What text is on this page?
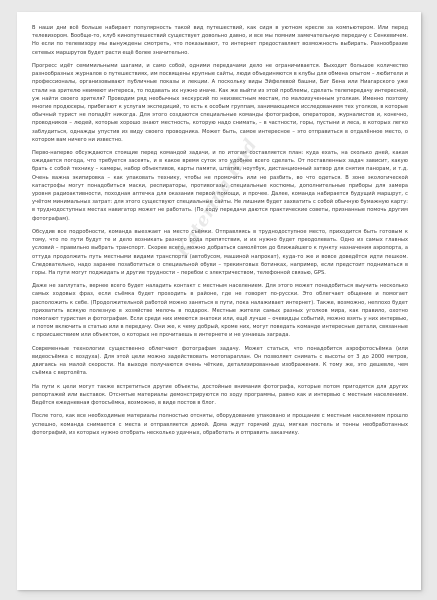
В наши дни всё больше набирает популярность такой вид путешествий, как сидя в уютном кресле за компьютером. Или перед телевизором. Вообще-то, клуб кинопутешествий существует довольно давно, и все мы помним замечательную передачу с Сенкевичем. Но если по телевизору мы вынуждены смотреть, что показывают, то интернет предоставляет возможность выбирать. Разнообразие сетевых маршрутов будет расти ещё более значительно.

Прогресс идёт семимильными шагами, и само собой, одними передачами дело не ограничивается. Выходит большое количество разнообразных журналов о путешествиях, им посвящены крупные сайты, люди объединяются в клубы для обмена опытом – любители и профессионалы, организовывают публичные показы и лекции. А поскольку виды Эйфелевой башни, Биг Бена или Ниагарского уже стали на зрителю неимеют интереса, то подавать их нужно иначе. Как же выйти из этой проблемы, сделать телепередачу интересной, уж найти своего зрителя? Проводим ряд необычных экскурсий по неизвестным местам, по малоизученным уголкам. Именно поэтому многие продюсеры, прибегают к услугам экспедиций, то есть к особым группам, занимающимся исследованием тех уголков, в которые обычный турист не попадёт никогда. Для этого создаются специальные команды фотографов, операторов, журналистов и, конечно, проводников – людей, которые хорошо знают местность, которую надо снимать, – в частности, горы, пустыни и леса, в которых легко заблудиться, однажды упустив из виду своего проводника. Может быть, самое интересное – это отправиться в отдалённое место, о котором вам ничего ни известно.

Перво-наперво обсуждаются стоящие перед командой задачи, и по итогам составляется план: куда ехать, на сколько дней, какая ожидается погода, что требуется засеять, и в какое время суток это удобнее всего сделать. От поставленных задач зависит, какую брать с собой технику – камеры, набор объективов, карты памяти, штатив, ноутбук, дистанционный затвор для снятия панорам, и т.д. Очень важна экипировка – как упаковать технику, чтобы не промочить или не разбить, во что одеться. В зоне экологической катастрофы могут понадобиться маски, респираторы, противогазы, специальные костюмы, дополнительные приборы для замера уровня радиоактивности, походная аптечка для оказания первой помощи, и прочее. Далее, команда набирается будущий маршрут, с учётом минимальных затрат: для этого существуют специальные сайты. Не лишним будет захватить с собой обычную бумажную карту: в труднодоступных местах навигатор может не работать. (По ходу передачи даются практические советы, признанные помочь другим фотографам).

Обсудив все подробности, команда выезжает на место съёмки. Отправляясь в труднодоступное место, приходится быть готовым к тому, что по пути будут те и дело возникать разного рода препятствия, и их нужно будет преодолевать. Одно из самых главных условий – правильно выбрать транспорт. Скорее всего, можно добраться самолётом до ближайшего к пункту назначения аэропорта, а оттуда продолжить путь местными видами транспорта (автобусом, машиной напрокат), куда-то же и вовсе доведётся идти пешком. Следовательно, надо заранее позаботиться о специальной обуви – трекинговых ботинках, например, если предстоит подниматься в горы. На пути могут поджидать и другие трудности – перебои с электричеством, телефонной связью, GPS.

Даже не заплутать, вернее всего будет наладить контакт с местным населением. Для этого может понадобиться выучить несколько самых ходовых фраз, если съёмка будет проходить в районе, где не говорят по-русски. Это облегчает общение и помогает расположить к себе. (Продолжительной работой можно заняться в пути, пока налаживает интернет). Также, возможно, неплохо будет прихватить всякую полезную в хозяйстве мелочь в подарок. Местные жители самых разных уголков мира, как правило, охотно помогают туристам и фотографам. Если среди них имеются знатоки или, ещё лучше – очевидцы событий, можно взять у них интервью, и потом включить в статью или в передачу. Они же, к чему добрый, кроме них, могут поведать команде интересные детали, связанные с происшествием или объектом, о которых не прочитаешь в интернете и не узнаешь заграда.

Современные технологии существенно облегчают фотографам задачу. Может статься, что понадобится аэрофотосъёмка (или видеосъёмка с воздуха). Для этой цели можно задействовать мотопараплан. Он позволяет снимать с высоты от 3 до 2000 метров, двигаясь на малой скорости. На выходе получаются очень чёткие, детализированные изображения. К тому же, это дешевле, чем съёмка с вертолёта.

На пути к цели могут также встретиться другие объекты, достойные внимания фотографа, которые потом пригодятся для других репортажей или выставок. Отснятые материалы демонстрируются по ходу программы, равно как и интервью с местным населением. Ведётся ежедневная фотосъёмка, возможно, в виде постов в блог.

После того, как все необходимые материалы полностью отсняты, оборудование упаковано и прощание с местным населением прошло успешно, команда снимается с места и отправляется домой. Дома ждут горячий душ, мягкая постель и тонны необработанных фотографий, из которых нужно отобрать несколько удачных, обработать и отправить заказчику.

Katerina Rud
